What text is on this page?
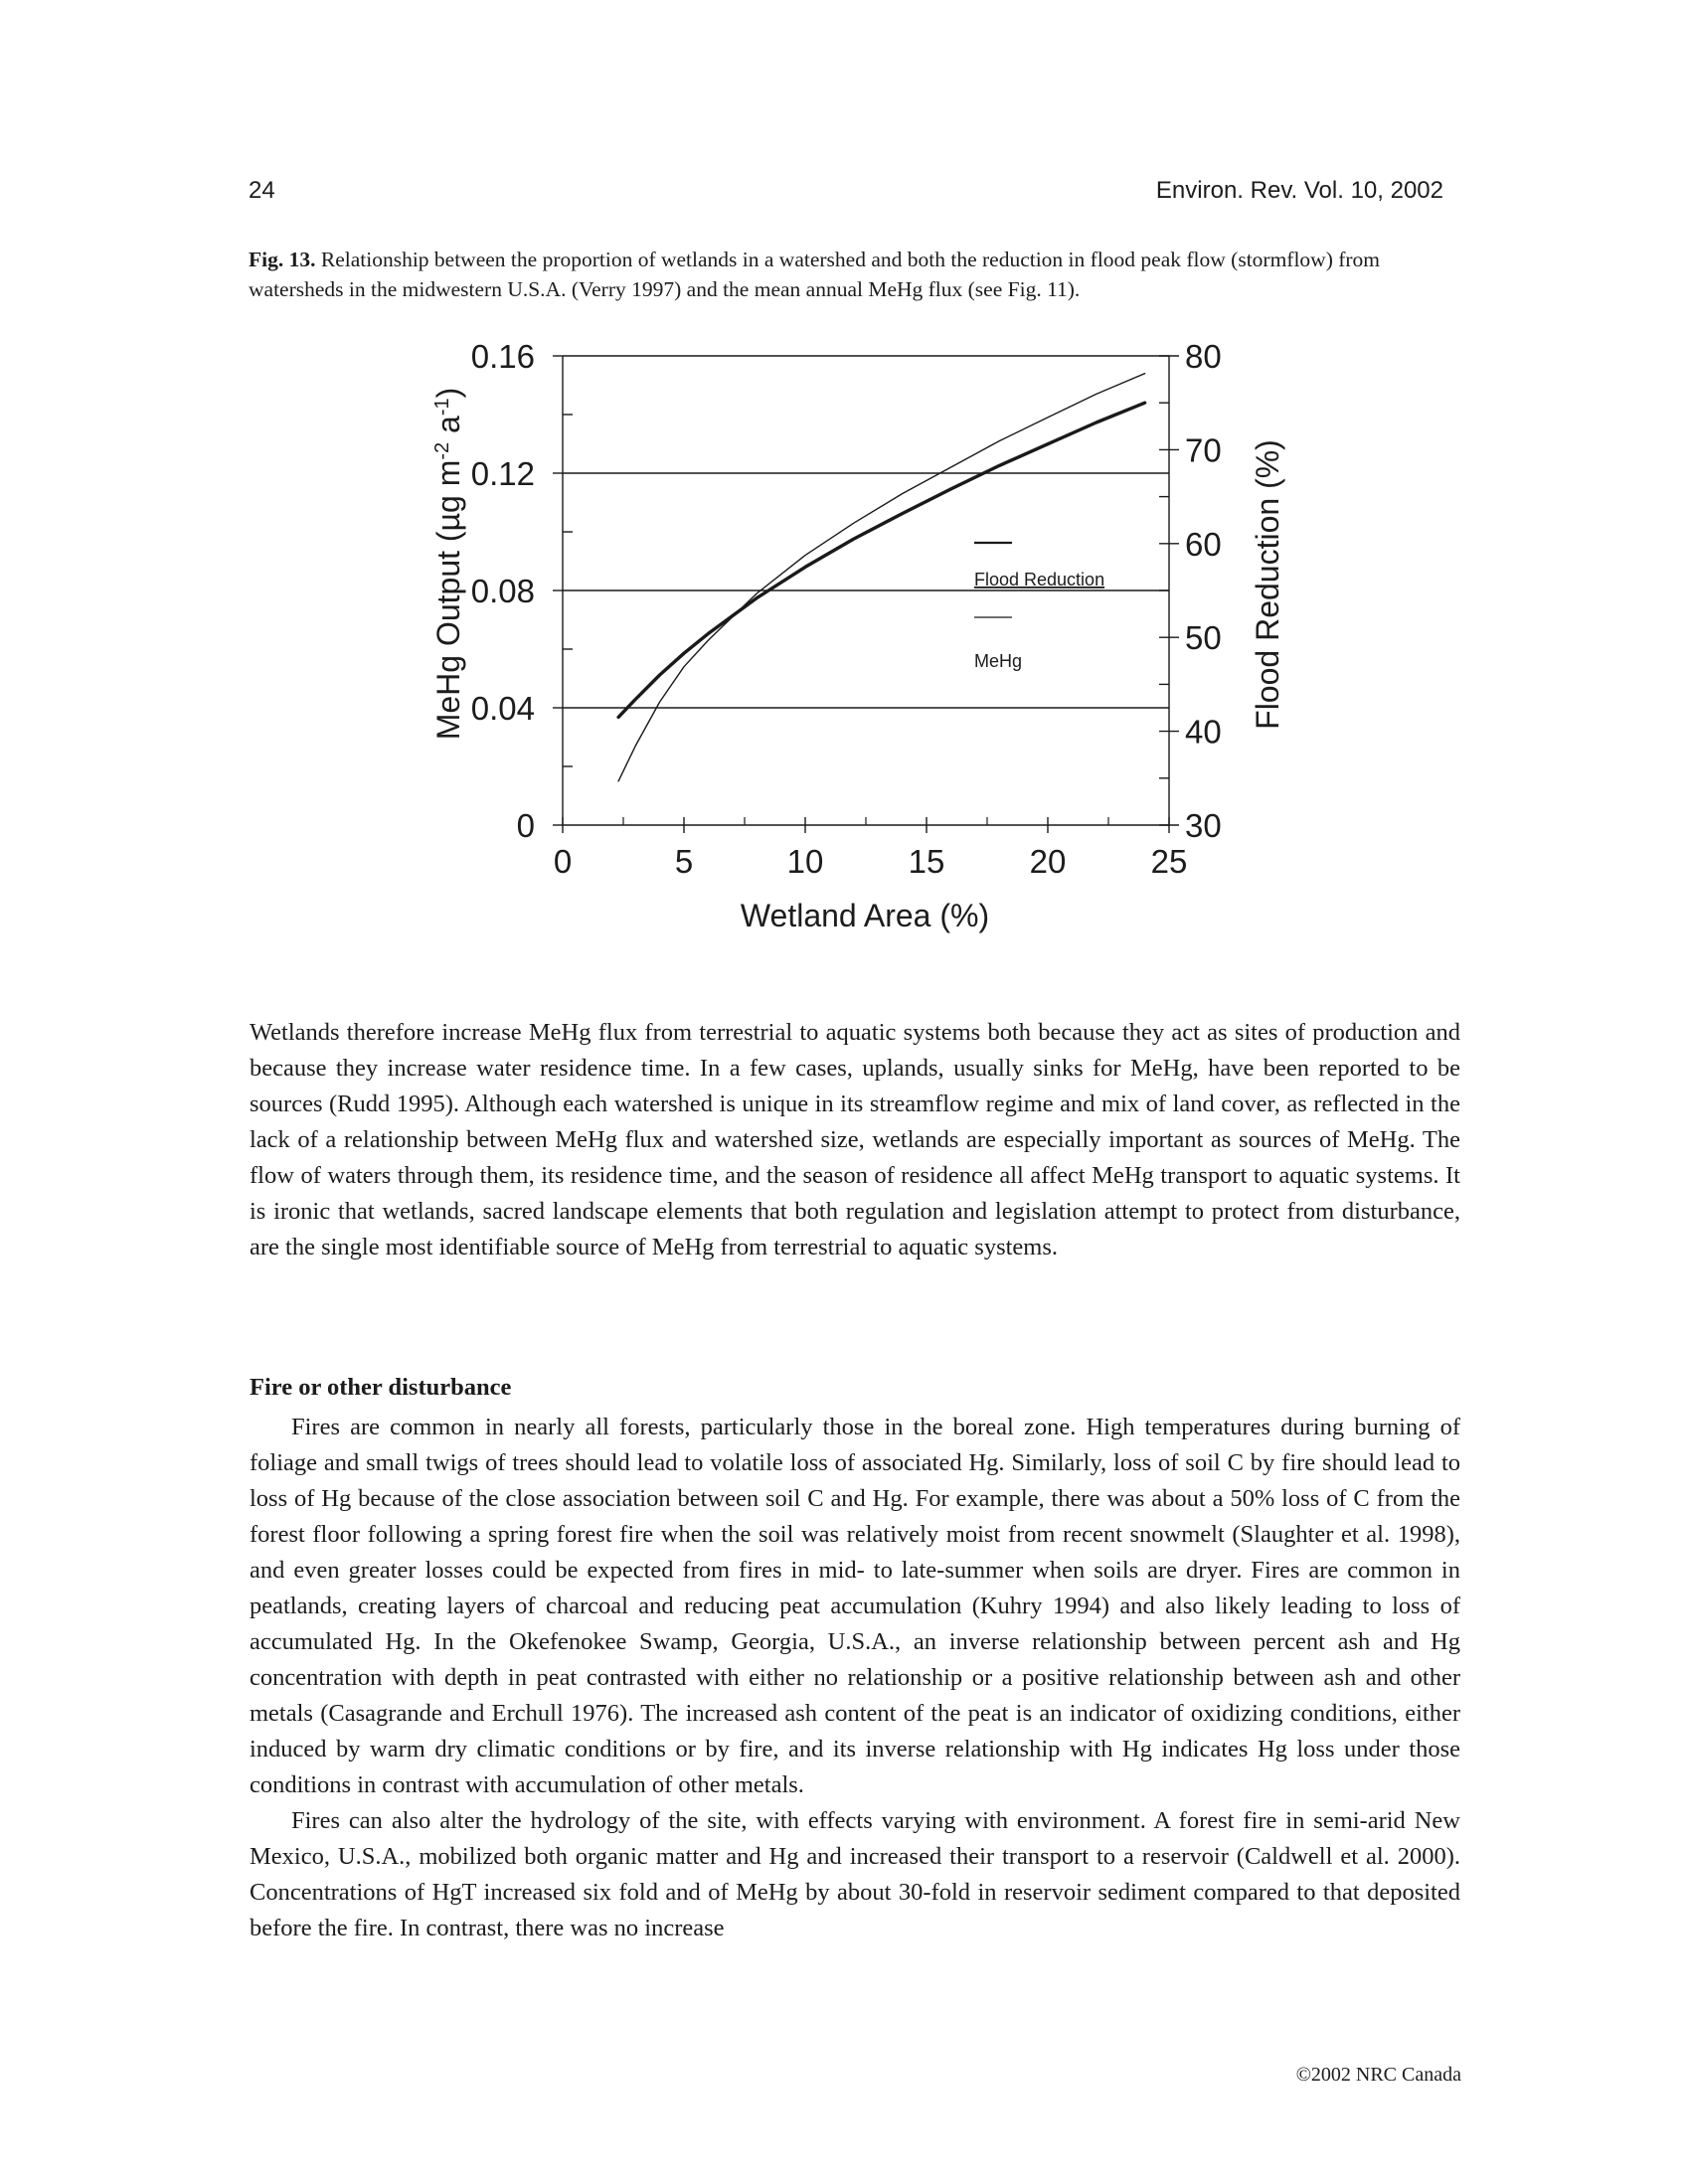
24	Environ. Rev. Vol. 10, 2002
Fig. 13. Relationship between the proportion of wetlands in a watershed and both the reduction in flood peak flow (stormflow) from watersheds in the midwestern U.S.A. (Verry 1997) and the mean annual MeHg flux (see Fig. 11).
0
0.04
0.08
0.12
0.16
30
40
50
60
70
80
0	5	10	15	20	25
Flood Reduction
MeHg
MeHg Output (µg $m^{-2}$ $a^{-1}$)
Flood Reduction (%)
Wetland Area (%)

Wetlands therefore increase MeHg flux from terrestrial to aquatic systems both because they act as sites of production and because they increase water residence time. In a few cases, uplands, usually sinks for MeHg, have been reported to be sources (Rudd 1995). Although each watershed is unique in its streamflow regime and mix of land cover, as reflected in the lack of a relationship between MeHg flux and watershed size, wetlands are especially important as sources of MeHg. The flow of waters through them, its residence time, and the season of residence all affect MeHg transport to aquatic systems. It is ironic that wetlands, sacred landscape elements that both regulation and legislation attempt to protect from disturbance, are the single most identifiable source of MeHg from terrestrial to aquatic systems.

Fire or other disturbance

Fires are common in nearly all forests, particularly those in the boreal zone. High temperatures during burning of foliage and small twigs of trees should lead to volatile loss of associated Hg. Similarly, loss of soil C by fire should lead to loss of Hg because of the close association between soil C and Hg. For example, there was about a 50% loss of C from the forest floor following a spring forest fire when the soil was relatively moist from recent snowmelt (Slaughter et al. 1998), and even greater losses could be expected from fires in mid- to late-summer when soils are dryer. Fires are common in peatlands, creating layers of charcoal and reducing peat accumulation (Kuhry 1994) and also likely leading to loss of accumulated Hg. In the Okefenokee Swamp, Georgia, U.S.A., an inverse relationship between percent ash and Hg concentration with depth in peat contrasted with either no relationship or a positive relationship between ash and other metals (Casagrande and Erchull 1976). The increased ash content of the peat is an indicator of oxidizing conditions, either induced by warm dry climatic conditions or by fire, and its inverse relationship with Hg indicates Hg loss under those conditions in contrast with accumulation of other metals.

Fires can also alter the hydrology of the site, with effects varying with environment. A forest fire in semi-arid New Mexico, U.S.A., mobilized both organic matter and Hg and increased their transport to a reservoir (Caldwell et al. 2000). Concentrations of HgT increased six fold and of MeHg by about 30-fold in reservoir sediment compared to that deposited before the fire. In contrast, there was no increase

©2002 NRC Canada
